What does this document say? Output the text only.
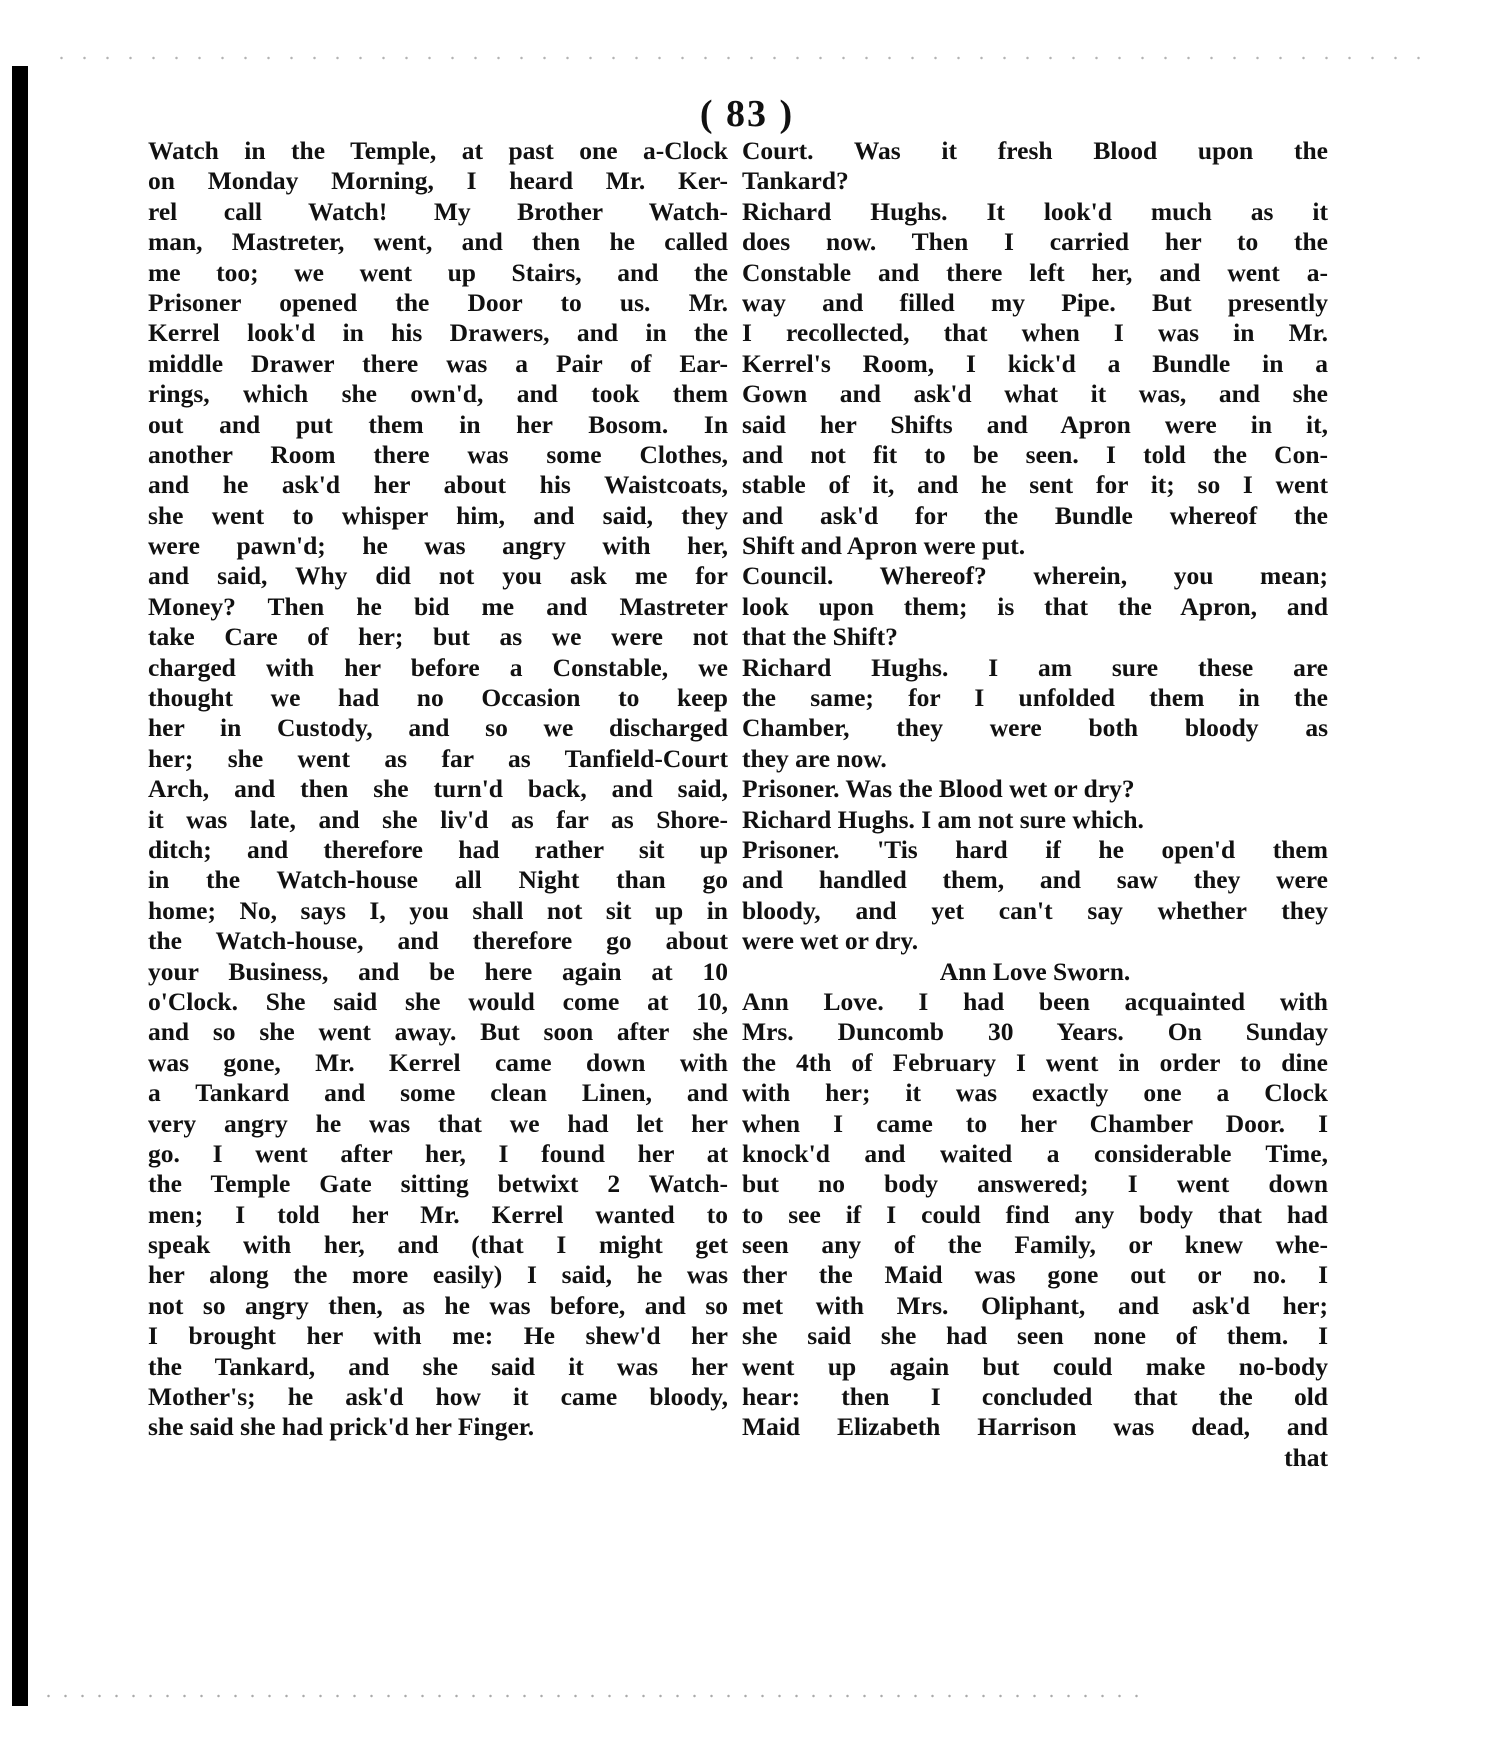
( 83 )
Watch in the Temple, at past one a-Clock
on Monday Morning, I heard Mr. Ker-
rel call Watch! My Brother Watch-
man, Mastreter, went, and then he called
me too; we went up Stairs, and the
Prisoner opened the Door to us. Mr.
Kerrel look'd in his Drawers, and in the
middle Drawer there was a Pair of Ear-
rings, which she own'd, and took them
out and put them in her Bosom. In
another Room there was some Clothes,
and he ask'd her about his Waistcoats,
she went to whisper him, and said, they
were pawn'd; he was angry with her,
and said, Why did not you ask me for
Money? Then he bid me and Mastreter
take Care of her; but as we were not
charged with her before a Constable, we
thought we had no Occasion to keep
her in Custody, and so we discharged
her; she went as far as Tanfield-Court
Arch, and then she turn'd back, and said,
it was late, and she liv'd as far as Shore-
ditch; and therefore had rather sit up
in the Watch-house all Night than go
home; No, says I, you shall not sit up in
the Watch-house, and therefore go about
your Business, and be here again at 10
o'Clock. She said she would come at 10,
and so she went away. But soon after she
was gone, Mr. Kerrel came down with
a Tankard and some clean Linen, and
very angry he was that we had let her
go. I went after her, I found her at
the Temple Gate sitting betwixt 2 Watch-
men; I told her Mr. Kerrel wanted to
speak with her, and (that I might get
her along the more easily) I said, he was
not so angry then, as he was before, and so
I brought her with me: He shew'd her
the Tankard, and she said it was her
Mother's; he ask'd how it came bloody,
she said she had prick'd her Finger.
Court. Was it fresh Blood upon the
Tankard?
Richard Hughs. It look'd much as it
does now. Then I carried her to the
Constable and there left her, and went a-
way and filled my Pipe. But presently
I recollected, that when I was in Mr.
Kerrel's Room, I kick'd a Bundle in a
Gown and ask'd what it was, and she
said her Shifts and Apron were in it,
and not fit to be seen. I told the Con-
stable of it, and he sent for it; so I went
and ask'd for the Bundle whereof the
Shift and Apron were put.
Council. Whereof? wherein, you mean;
look upon them; is that the Apron, and
that the Shift?
Richard Hughs. I am sure these are
the same; for I unfolded them in the
Chamber, they were both bloody as
they are now.
Prisoner. Was the Blood wet or dry?
Richard Hughs. I am not sure which.
Prisoner. 'Tis hard if he open'd them
and handled them, and saw they were
bloody, and yet can't say whether they
were wet or dry.
Ann Love Sworn.
Ann Love. I had been acquainted with
Mrs. Duncomb 30 Years. On Sunday
the 4th of February I went in order to dine
with her; it was exactly one a Clock
when I came to her Chamber Door. I
knock'd and waited a considerable Time,
but no body answered; I went down
to see if I could find any body that had
seen any of the Family, or knew whe-
ther the Maid was gone out or no. I
met with Mrs. Oliphant, and ask'd her;
she said she had seen none of them. I
went up again but could make no-body
hear: then I concluded that the old
Maid Elizabeth Harrison was dead, and
that
